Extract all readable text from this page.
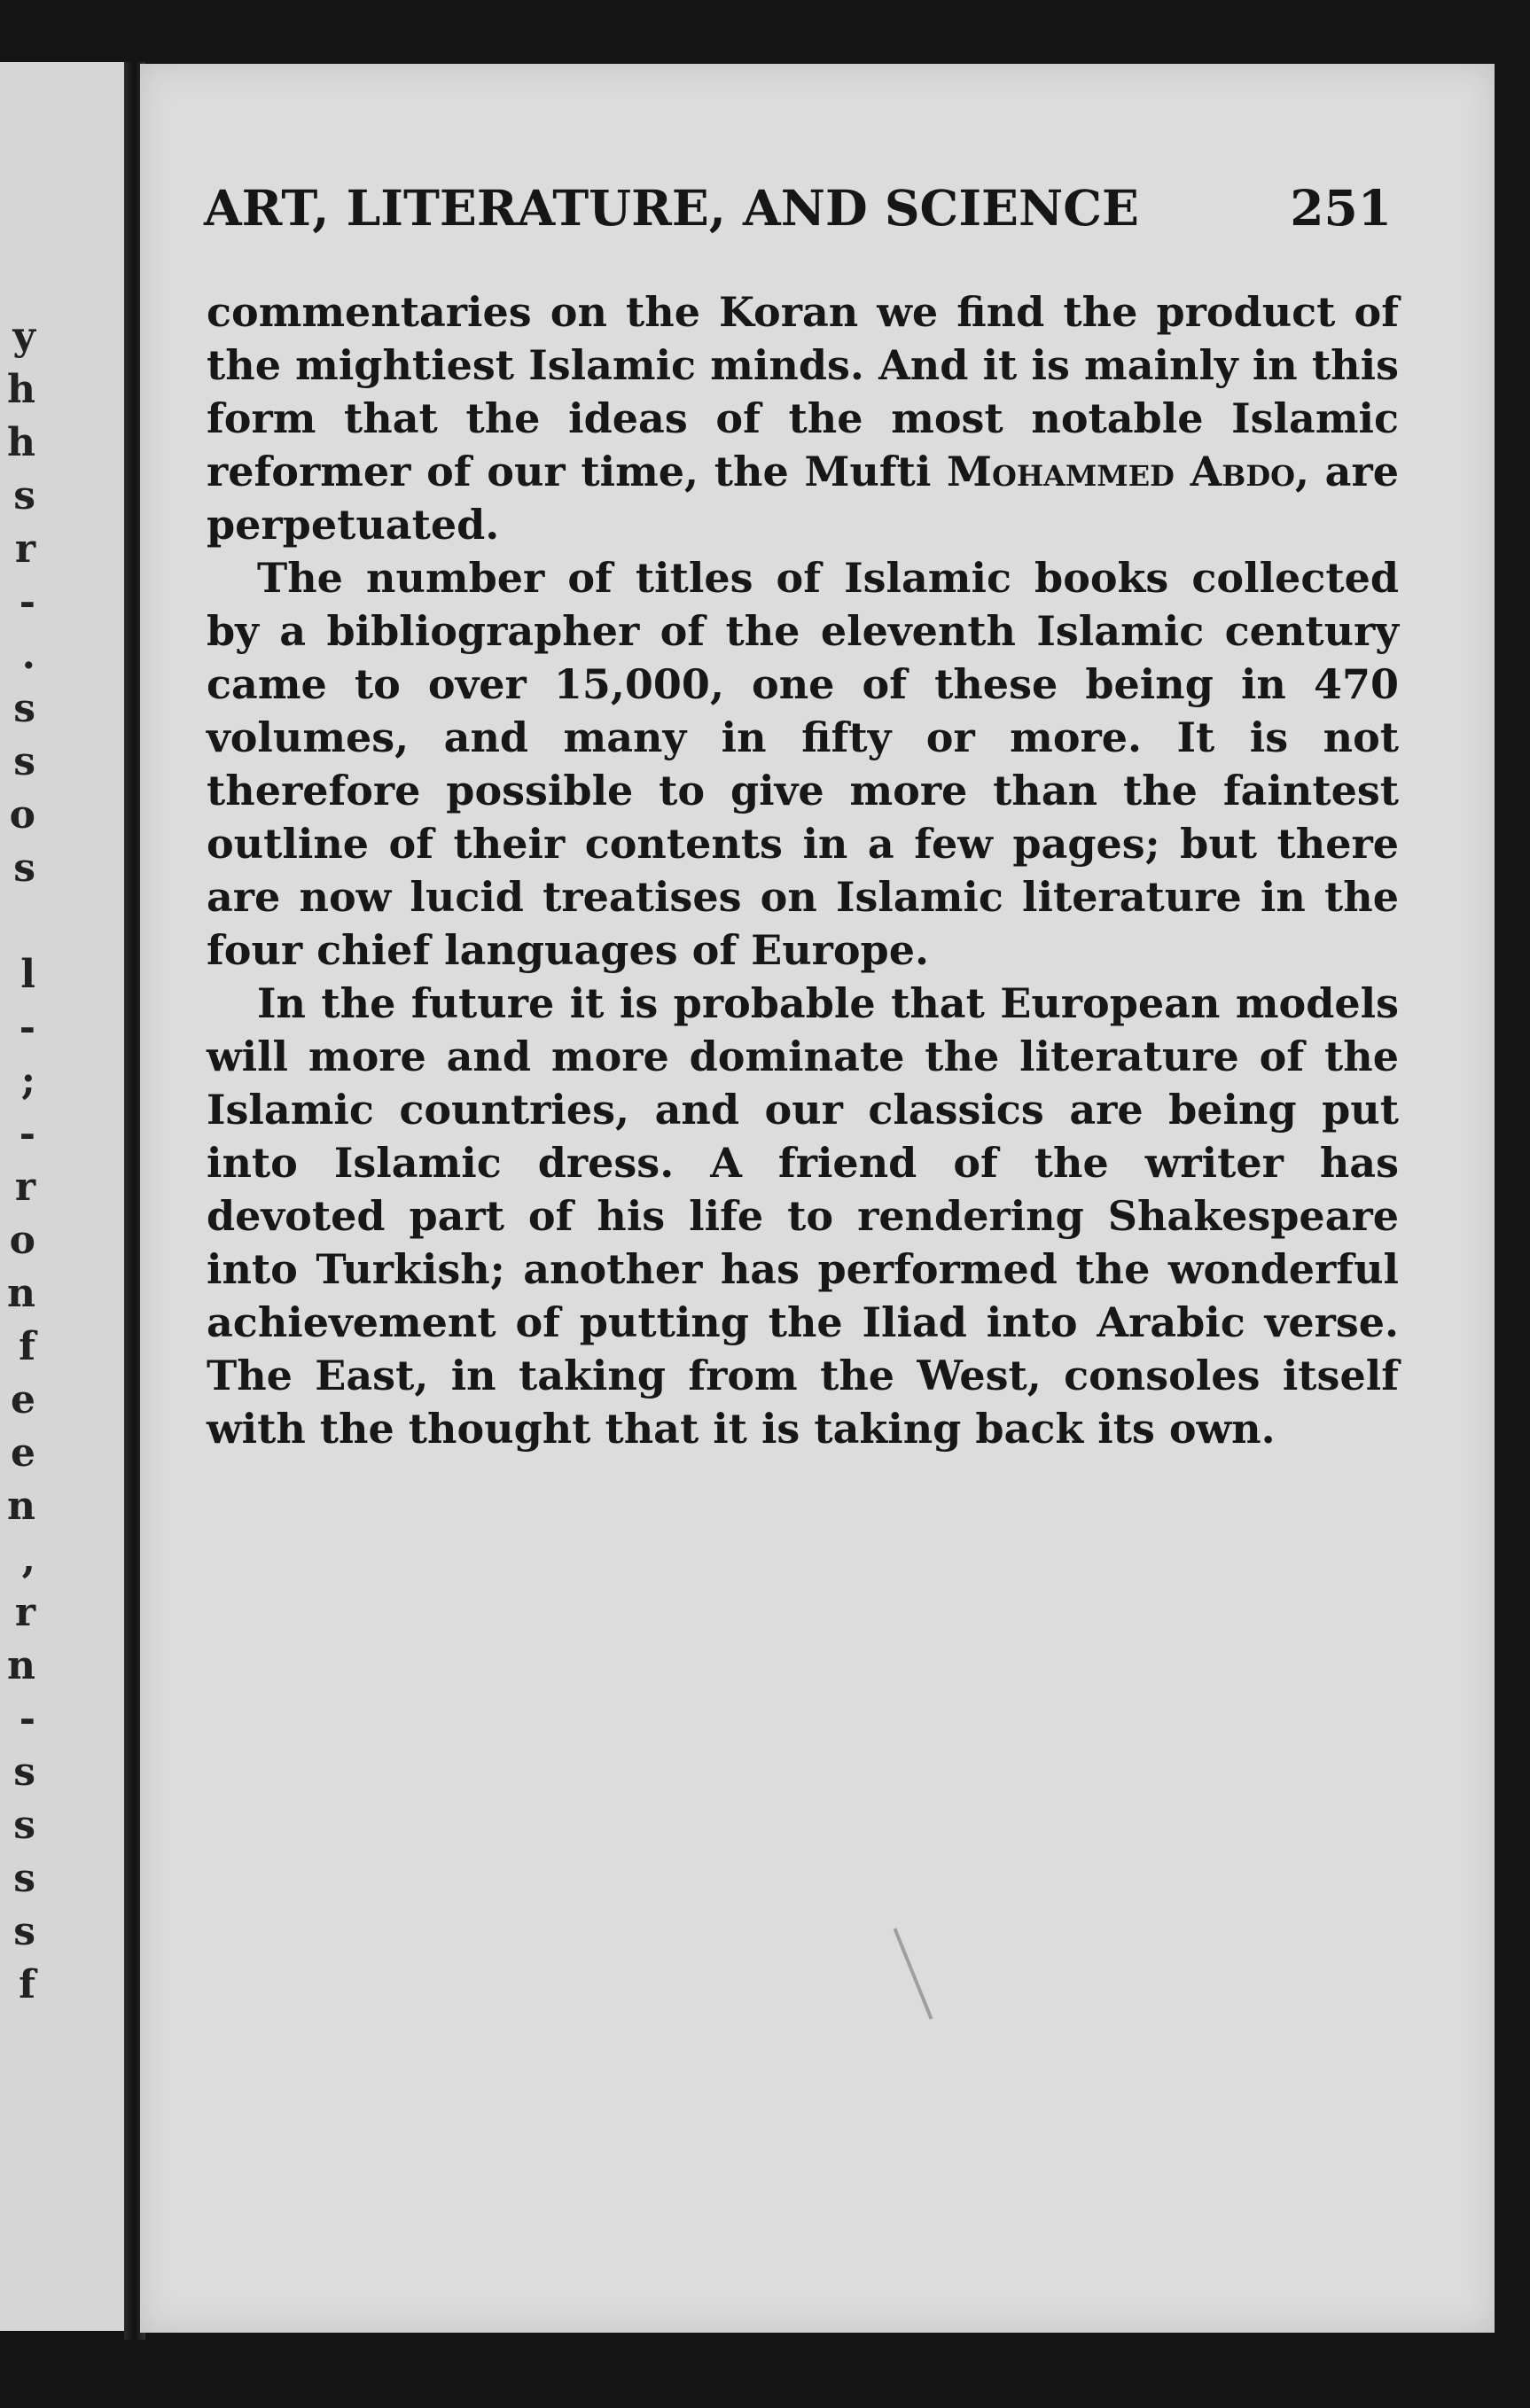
y
h
h
s
r
-
.
s
s
o
s

l
-
;
-
r
o
n
f
e
e
n
,
r
n
-
s
s
s
s
f
ART, LITERATURE, AND SCIENCE	251

commentaries on the Koran we find the product of the mightiest Islamic minds. And it is mainly in this form that the ideas of the most notable Islamic reformer of our time, the Mufti Mohammed Abdo, are perpetuated.

The number of titles of Islamic books collected by a bibliographer of the eleventh Islamic century came to over 15,000, one of these being in 470 volumes, and many in fifty or more. It is not therefore possible to give more than the faintest outline of their contents in a few pages; but there are now lucid treatises on Islamic literature in the four chief languages of Europe.

In the future it is probable that European models will more and more dominate the literature of the Islamic countries, and our classics are being put into Islamic dress. A friend of the writer has devoted part of his life to rendering Shakespeare into Turkish; another has performed the wonderful achievement of putting the Iliad into Arabic verse. The East, in taking from the West, consoles itself with the thought that it is taking back its own.
